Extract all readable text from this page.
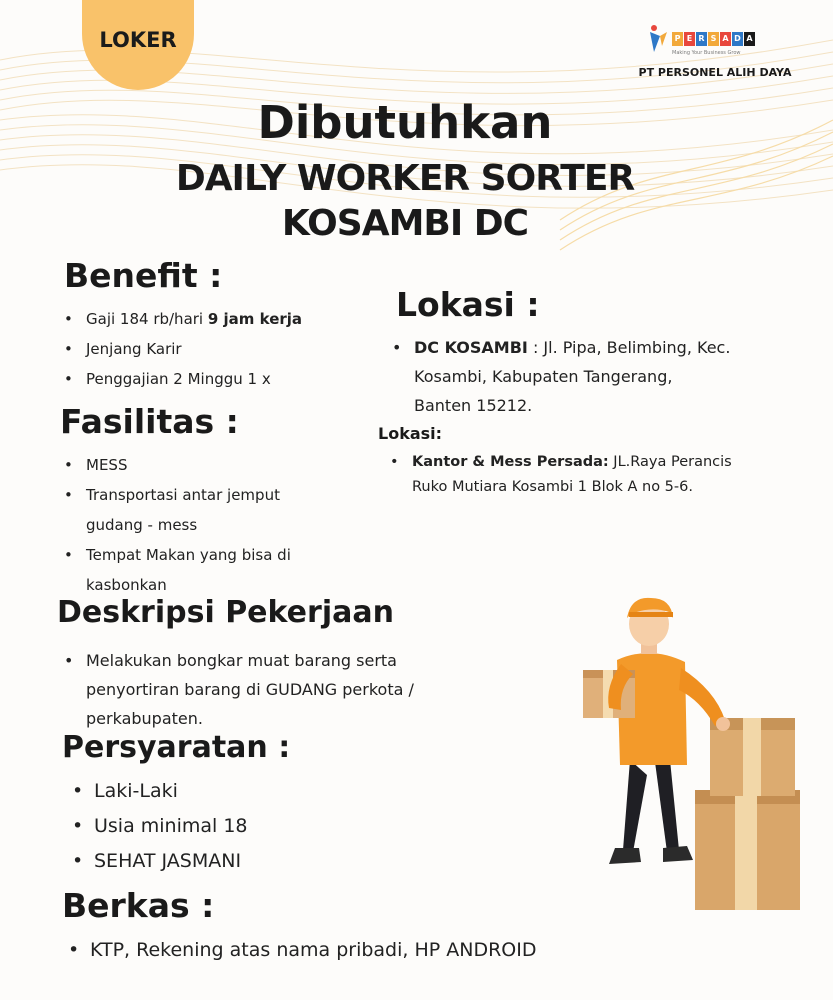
LOKER	P E R S A D A
Making Your Business Grow
PT PERSONEL ALIH DAYA
Dibutuhkan
DAILY WORKER SORTER
KOSAMBI DC
Benefit :
• Gaji 184 rb/hari 9 jam kerja
• Jenjang Karir
• Penggajian 2 Minggu 1 x
Fasilitas :
• MESS
• Transportasi antar jemput
gudang - mess
• Tempat Makan yang bisa di
kasbonkan
Lokasi :
• DC KOSAMBI : Jl. Pipa, Belimbing, Kec.
Kosambi, Kabupaten Tangerang,
Banten 15212.
Lokasi:
• Kantor & Mess Persada: JL.Raya Perancis
Ruko Mutiara Kosambi 1 Blok A no 5-6.
Deskripsi Pekerjaan
• Melakukan bongkar muat barang serta
penyortiran barang di GUDANG perkota /
perkabupaten.
Persyaratan :
• Laki-Laki
• Usia minimal 18
• SEHAT JASMANI
Berkas :
• KTP, Rekening atas nama pribadi, HP ANDROID
